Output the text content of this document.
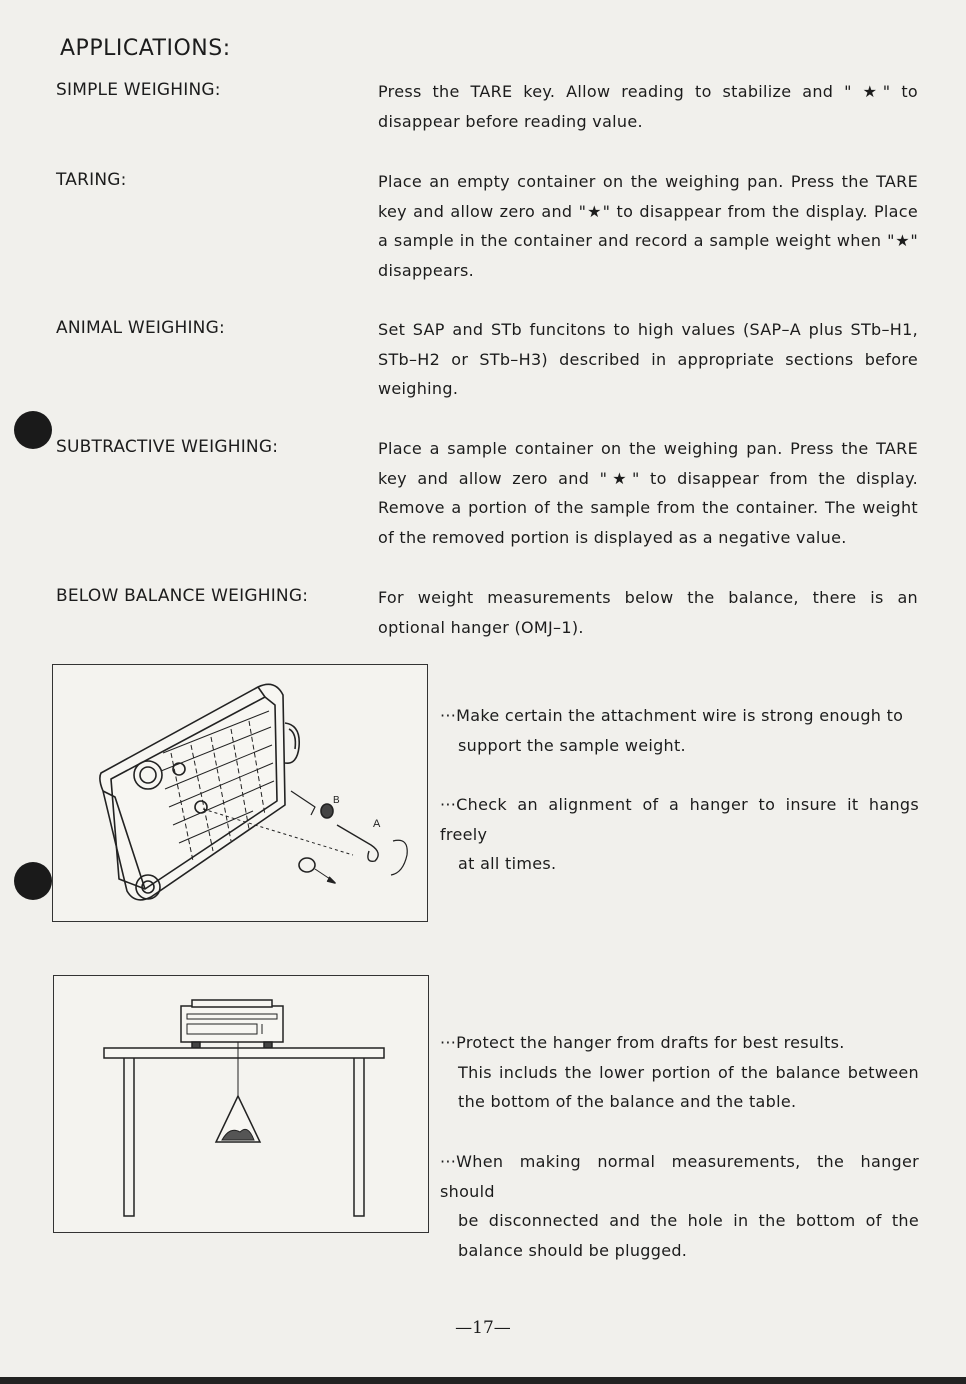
APPLICATIONS:
SIMPLE WEIGHING:
TARING:
ANIMAL WEIGHING:
SUBTRACTIVE WEIGHING:
BELOW BALANCE WEIGHING:
Press the TARE key. Allow reading to stabilize and " ★" to disappear before reading value.
Place an empty container on the weighing pan. Press the TARE key and allow zero and "★" to disappear from the display. Place a sample in the container and record a sample weight when "★" disappears.
Set SAP and STb funcitons to high values (SAP–A plus STb–H1, STb–H2 or STb–H3) described in appropriate sections before weighing.
Place a sample container on the weighing pan. Press the TARE key and allow zero and "★" to disappear from the display. Remove a portion of the sample from the container. The weight of the removed portion is displayed as a negative value.
For weight measurements below the balance, there is an optional hanger (OMJ–1).
B
A
···Make certain the attachment wire is strong enough to
support the sample weight.
···Check an alignment of a hanger to insure it hangs freely
at all times.
···Protect the hanger from drafts for best results.
This includs the lower portion of the balance between the bottom of the balance and the table.
···When making normal measurements, the hanger should
be disconnected and the hole in the bottom of the balance should be plugged.
—17—
